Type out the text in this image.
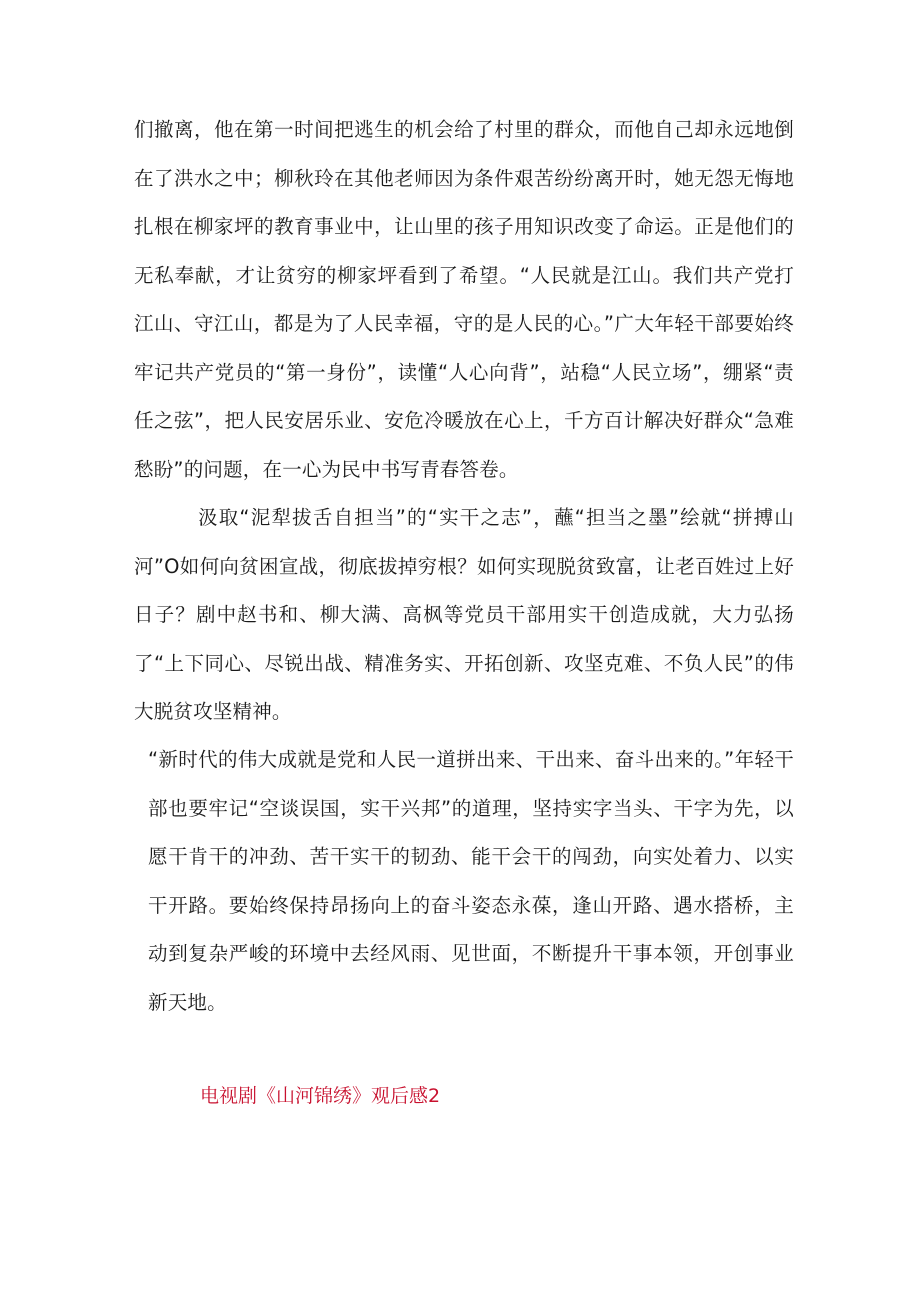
们撤离，他在第一时间把逃生的机会给了村里的群众，而他自己却永远地倒在了洪水之中；柳秋玲在其他老师因为条件艰苦纷纷离开时，她无怨无悔地扎根在柳家坪的教育事业中，让山里的孩子用知识改变了命运。正是他们的无私奉献，才让贫穷的柳家坪看到了希望。“人民就是江山。我们共产党打江山、守江山，都是为了人民幸福，守的是人民的心。”广大年轻干部要始终牢记共产党员的“第一身份”，读懂“人心向背”，站稳“人民立场”，绷紧“责任之弦”，把人民安居乐业、安危冷暖放在心上，千方百计解决好群众“急难愁盼”的问题，在一心为民中书写青春答卷。

汲取“泥犁拔舌自担当”的“实干之志”，蘸“担当之墨”绘就“拼搏山河”O如何向贫困宣战，彻底拔掉穷根？如何实现脱贫致富，让老百姓过上好日子？剧中赵书和、柳大满、高枫等党员干部用实干创造成就，大力弘扬了“上下同心、尽锐出战、精准务实、开拓创新、攻坚克难、不负人民”的伟大脱贫攻坚精神。

“新时代的伟大成就是党和人民一道拼出来、干出来、奋斗出来的。”年轻干部也要牢记“空谈误国，实干兴邦”的道理，坚持实字当头、干字为先，以愿干肯干的冲劲、苦干实干的韧劲、能干会干的闯劲，向实处着力、以实干开路。要始终保持昂扬向上的奋斗姿态永葆，逢山开路、遇水搭桥，主动到复杂严峻的环境中去经风雨、见世面，不断提升干事本领，开创事业新天地。

电视剧《山河锦绣》观后感2
